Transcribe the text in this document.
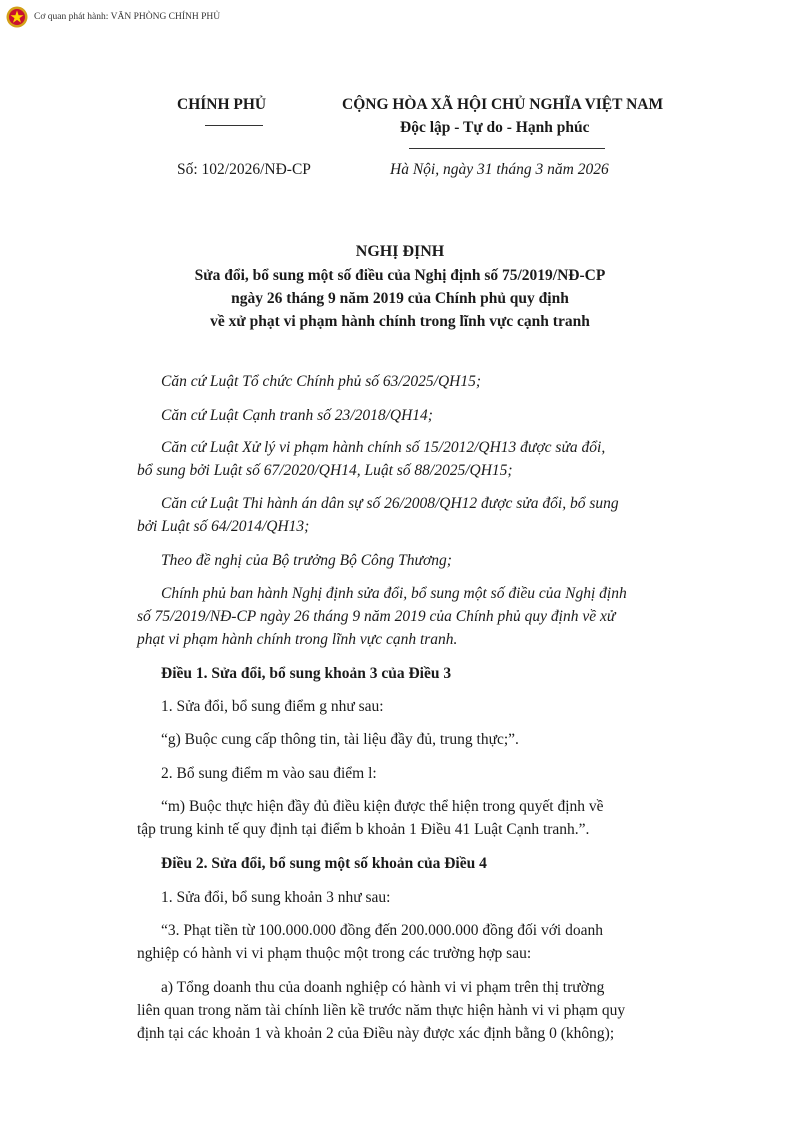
Cơ quan phát hành: VĂN PHÒNG CHÍNH PHỦ
CHÍNH PHỦ	CỘNG HÒA XÃ HỘI CHỦ NGHĨA VIỆT NAM
Độc lập - Tự do - Hạnh phúc
Số: 102/2026/NĐ-CP	Hà Nội, ngày 31 tháng 3 năm 2026
NGHỊ ĐỊNH
Sửa đổi, bổ sung một số điều của Nghị định số 75/2019/NĐ-CP
ngày 26 tháng 9 năm 2019 của Chính phủ quy định
về xử phạt vi phạm hành chính trong lĩnh vực cạnh tranh
Căn cứ Luật Tổ chức Chính phủ số 63/2025/QH15;
Căn cứ Luật Cạnh tranh số 23/2018/QH14;
Căn cứ Luật Xử lý vi phạm hành chính số 15/2012/QH13 được sửa đổi,
bổ sung bởi Luật số 67/2020/QH14, Luật số 88/2025/QH15;
Căn cứ Luật Thi hành án dân sự số 26/2008/QH12 được sửa đổi, bổ sung
bởi Luật số 64/2014/QH13;
Theo đề nghị của Bộ trưởng Bộ Công Thương;
Chính phủ ban hành Nghị định sửa đổi, bổ sung một số điều của Nghị định
số 75/2019/NĐ-CP ngày 26 tháng 9 năm 2019 của Chính phủ quy định về xử
phạt vi phạm hành chính trong lĩnh vực cạnh tranh.
Điều 1. Sửa đổi, bổ sung khoản 3 của Điều 3
1. Sửa đổi, bổ sung điểm g như sau:
“g) Buộc cung cấp thông tin, tài liệu đầy đủ, trung thực;”.
2. Bổ sung điểm m vào sau điểm l:
“m) Buộc thực hiện đầy đủ điều kiện được thể hiện trong quyết định về
tập trung kinh tế quy định tại điểm b khoản 1 Điều 41 Luật Cạnh tranh.”.
Điều 2. Sửa đổi, bổ sung một số khoản của Điều 4
1. Sửa đổi, bổ sung khoản 3 như sau:
“3. Phạt tiền từ 100.000.000 đồng đến 200.000.000 đồng đối với doanh
nghiệp có hành vi vi phạm thuộc một trong các trường hợp sau:
a) Tổng doanh thu của doanh nghiệp có hành vi vi phạm trên thị trường
liên quan trong năm tài chính liền kề trước năm thực hiện hành vi vi phạm quy
định tại các khoản 1 và khoản 2 của Điều này được xác định bằng 0 (không);
